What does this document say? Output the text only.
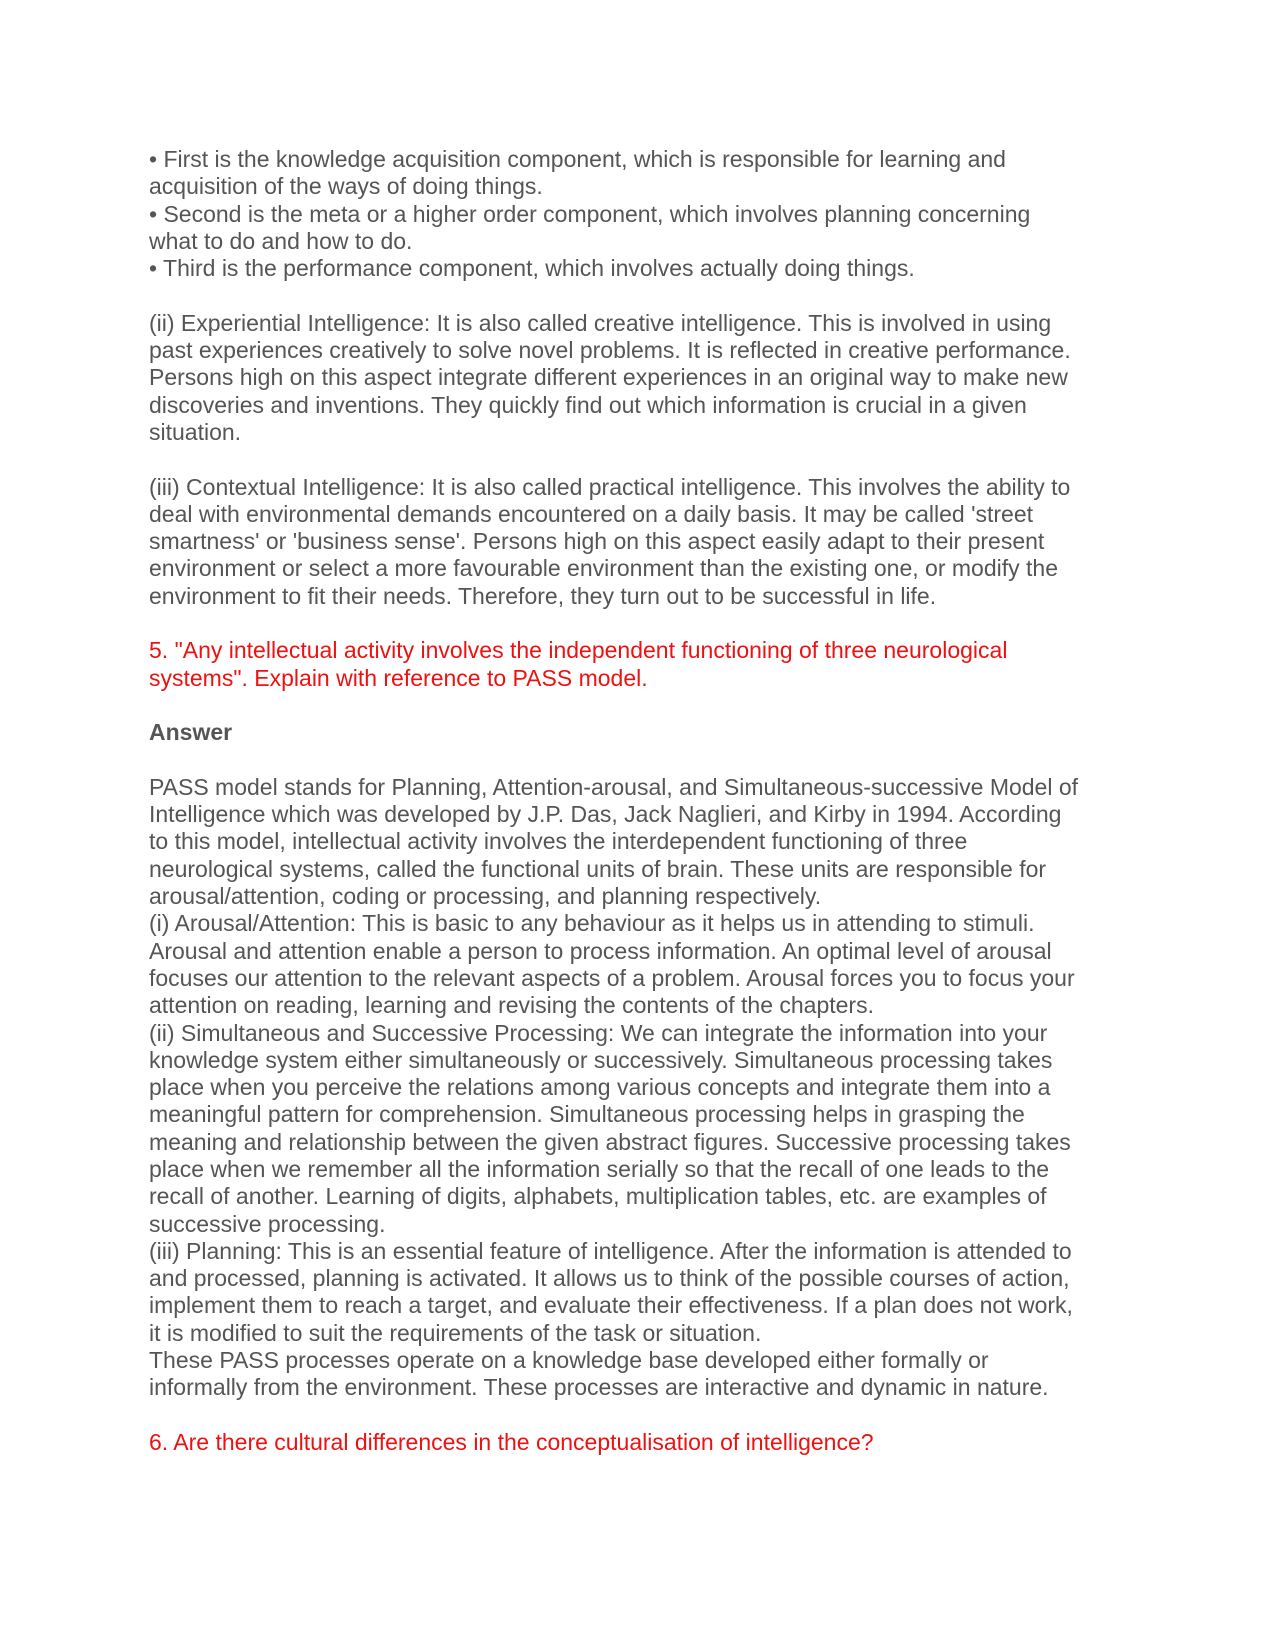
• First is the knowledge acquisition component, which is responsible for learning and
acquisition of the ways of doing things.
• Second is the meta or a higher order component, which involves planning concerning
what to do and how to do.
• Third is the performance component, which involves actually doing things.
(ii) Experiential Intelligence: It is also called creative intelligence. This is involved in using
past experiences creatively to solve novel problems. It is reflected in creative performance.
Persons high on this aspect integrate different experiences in an original way to make new
discoveries and inventions. They quickly find out which information is crucial in a given
situation.
(iii) Contextual Intelligence: It is also called practical intelligence. This involves the ability to
deal with environmental demands encountered on a daily basis. It may be called 'street
smartness' or 'business sense'. Persons high on this aspect easily adapt to their present
environment or select a more favourable environment than the existing one, or modify the
environment to fit their needs. Therefore, they turn out to be successful in life.
5. "Any intellectual activity involves the independent functioning of three neurological
systems". Explain with reference to PASS model.
Answer
PASS model stands for Planning, Attention-arousal, and Simultaneous-successive Model of
Intelligence which was developed by J.P. Das, Jack Naglieri, and Kirby in 1994. According
to this model, intellectual activity involves the interdependent functioning of three
neurological systems, called the functional units of brain. These units are responsible for
arousal/attention, coding or processing, and planning respectively.
(i) Arousal/Attention: This is basic to any behaviour as it helps us in attending to stimuli.
Arousal and attention enable a person to process information. An optimal level of arousal
focuses our attention to the relevant aspects of a problem. Arousal forces you to focus your
attention on reading, learning and revising the contents of the chapters.
(ii) Simultaneous and Successive Processing: We can integrate the information into your
knowledge system either simultaneously or successively. Simultaneous processing takes
place when you perceive the relations among various concepts and integrate them into a
meaningful pattern for comprehension. Simultaneous processing helps in grasping the
meaning and relationship between the given abstract figures. Successive processing takes
place when we remember all the information serially so that the recall of one leads to the
recall of another. Learning of digits, alphabets, multiplication tables, etc. are examples of
successive processing.
(iii) Planning: This is an essential feature of intelligence. After the information is attended to
and processed, planning is activated. It allows us to think of the possible courses of action,
implement them to reach a target, and evaluate their effectiveness. If a plan does not work,
it is modified to suit the requirements of the task or situation.
These PASS processes operate on a knowledge base developed either formally or
informally from the environment. These processes are interactive and dynamic in nature.
6. Are there cultural differences in the conceptualisation of intelligence?
